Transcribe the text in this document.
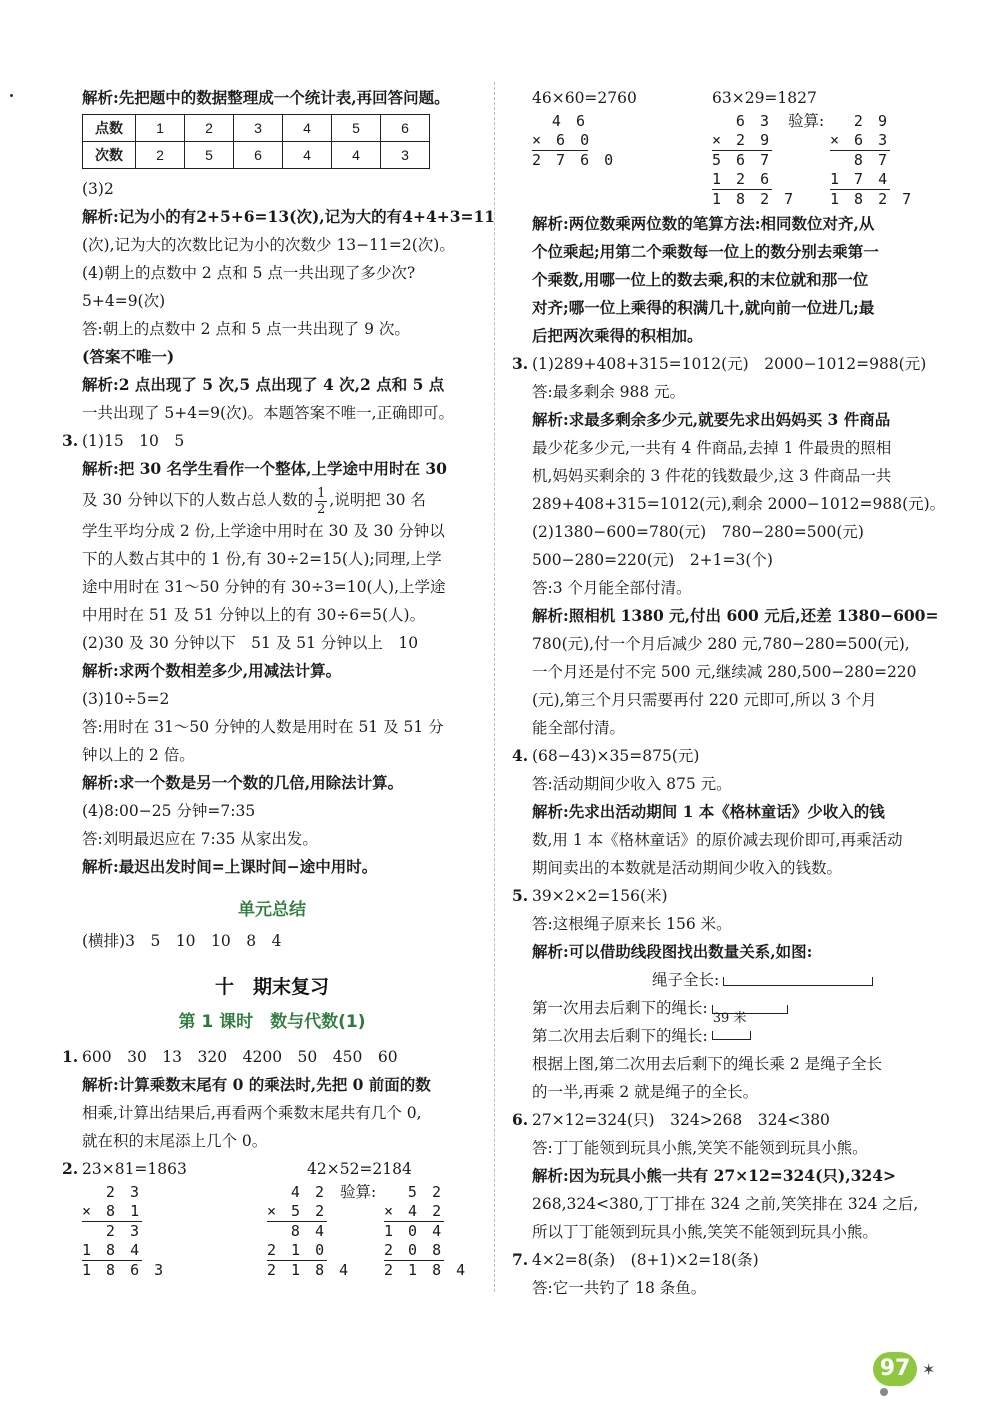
解析:先把题中的数据整理成一个统计表,再回答问题。
点数	1	2	3	4	5	6
次数	2	5	6	4	4	3
(3)2
解析:记为小的有2+5+6=13(次),记为大的有4+4+3=11
(次),记为大的次数比记为小的次数少 13−11=2(次)。
(4)朝上的点数中 2 点和 5 点一共出现了多少次?
5+4=9(次)
答:朝上的点数中 2 点和 5 点一共出现了 9 次。
(答案不唯一)
解析:2 点出现了 5 次,5 点出现了 4 次,2 点和 5 点
一共出现了 5+4=9(次)。本题答案不唯一,正确即可。
3. (1)15　10　5
解析:把 30 名学生看作一个整体,上学途中用时在 30
及 30 分钟以下的人数占总人数的 $\frac{1}{2}$ ,说明把 30 名
学生平均分成 2 份,上学途中用时在 30 及 30 分钟以
下的人数占其中的 1 份,有 30÷2=15(人);同理,上学
途中用时在 31～50 分钟的有 30÷3=10(人),上学途
中用时在 51 及 51 分钟以上的有 30÷6=5(人)。
(2)30 及 30 分钟以下　51 及 51 分钟以上　10
解析:求两个数相差多少,用减法计算。
(3)10÷5=2
答:用时在 31～50 分钟的人数是用时在 51 及 51 分
钟以上的 2 倍。
解析:求一个数是另一个数的几倍,用除法计算。
(4)8:00−25 分钟=7:35
答:刘明最迟应在 7:35 从家出发。
解析:最迟出发时间=上课时间−途中用时。
单元总结
(横排)3　5　10　10　8　4
十　期末复习
第 1 课时　数与代数(1)
1. 600　30　13　320　4200　50　450　60
解析:计算乘数末尾有 0 的乘法时,先把 0 前面的数
相乘,计算出结果后,再看两个乘数末尾共有几个 0,
就在积的末尾添上几个 0。
2. 23×81=1863	42×52=2184
2 3
× 8 1
2 3
1 8 4
1 8 6 3
4 2
× 5 2
8 4
2 1 0
2 1 8 4
验算:	5 2
× 4 2
1 0 4
2 0 8
2 1 8 4
46×60=2760	63×29=1827
4 6
× 6 0
2 7 6 0
6 3
× 2 9
5 6 7
1 2 6
1 8 2 7
验算:	2 9
× 6 3
8 7
1 7 4
1 8 2 7
解析:两位数乘两位数的笔算方法:相同数位对齐,从
个位乘起;用第二个乘数每一位上的数分别去乘第一
个乘数,用哪一位上的数去乘,积的末位就和那一位
对齐;哪一位上乘得的积满几十,就向前一位进几;最
后把两次乘得的积相加。
3. (1)289+408+315=1012(元)　2000−1012=988(元)
答:最多剩余 988 元。
解析:求最多剩余多少元,就要先求出妈妈买 3 件商品
最少花多少元,一共有 4 件商品,去掉 1 件最贵的照相
机,妈妈买剩余的 3 件花的钱数最少,这 3 件商品一共
289+408+315=1012(元),剩余 2000−1012=988(元)。
(2)1380−600=780(元)　780−280=500(元)
500−280=220(元)　2+1=3(个)
答:3 个月能全部付清。
解析:照相机 1380 元,付出 600 元后,还差 1380−600=
780(元),付一个月后减少 280 元,780−280=500(元),
一个月还是付不完 500 元,继续减 280,500−280=220
(元),第三个月只需要再付 220 元即可,所以 3 个月
能全部付清。
4. (68−43)×35=875(元)
答:活动期间少收入 875 元。
解析:先求出活动期间 1 本《格林童话》少收入的钱
数,用 1 本《格林童话》的原价减去现价即可,再乘活动
期间卖出的本数就是活动期间少收入的钱数。
5. 39×2×2=156(米)
答:这根绳子原来长 156 米。
解析:可以借助线段图找出数量关系,如图:
绳子全长:
第一次用去后剩下的绳长:
第二次用去后剩下的绳长:
39 米
根据上图,第二次用去后剩下的绳长乘 2 是绳子全长
的一半,再乘 2 就是绳子的全长。
6. 27×12=324(只)　324>268　324<380
答:丁丁能领到玩具小熊,笑笑不能领到玩具小熊。
解析:因为玩具小熊一共有 27×12=324(只),324>
268,324<380,丁丁排在 324 之前,笑笑排在 324 之后,
所以丁丁能领到玩具小熊,笑笑不能领到玩具小熊。
7. 4×2=8(条)　(8+1)×2=18(条)
答:它一共钓了 18 条鱼。
97 ✶
